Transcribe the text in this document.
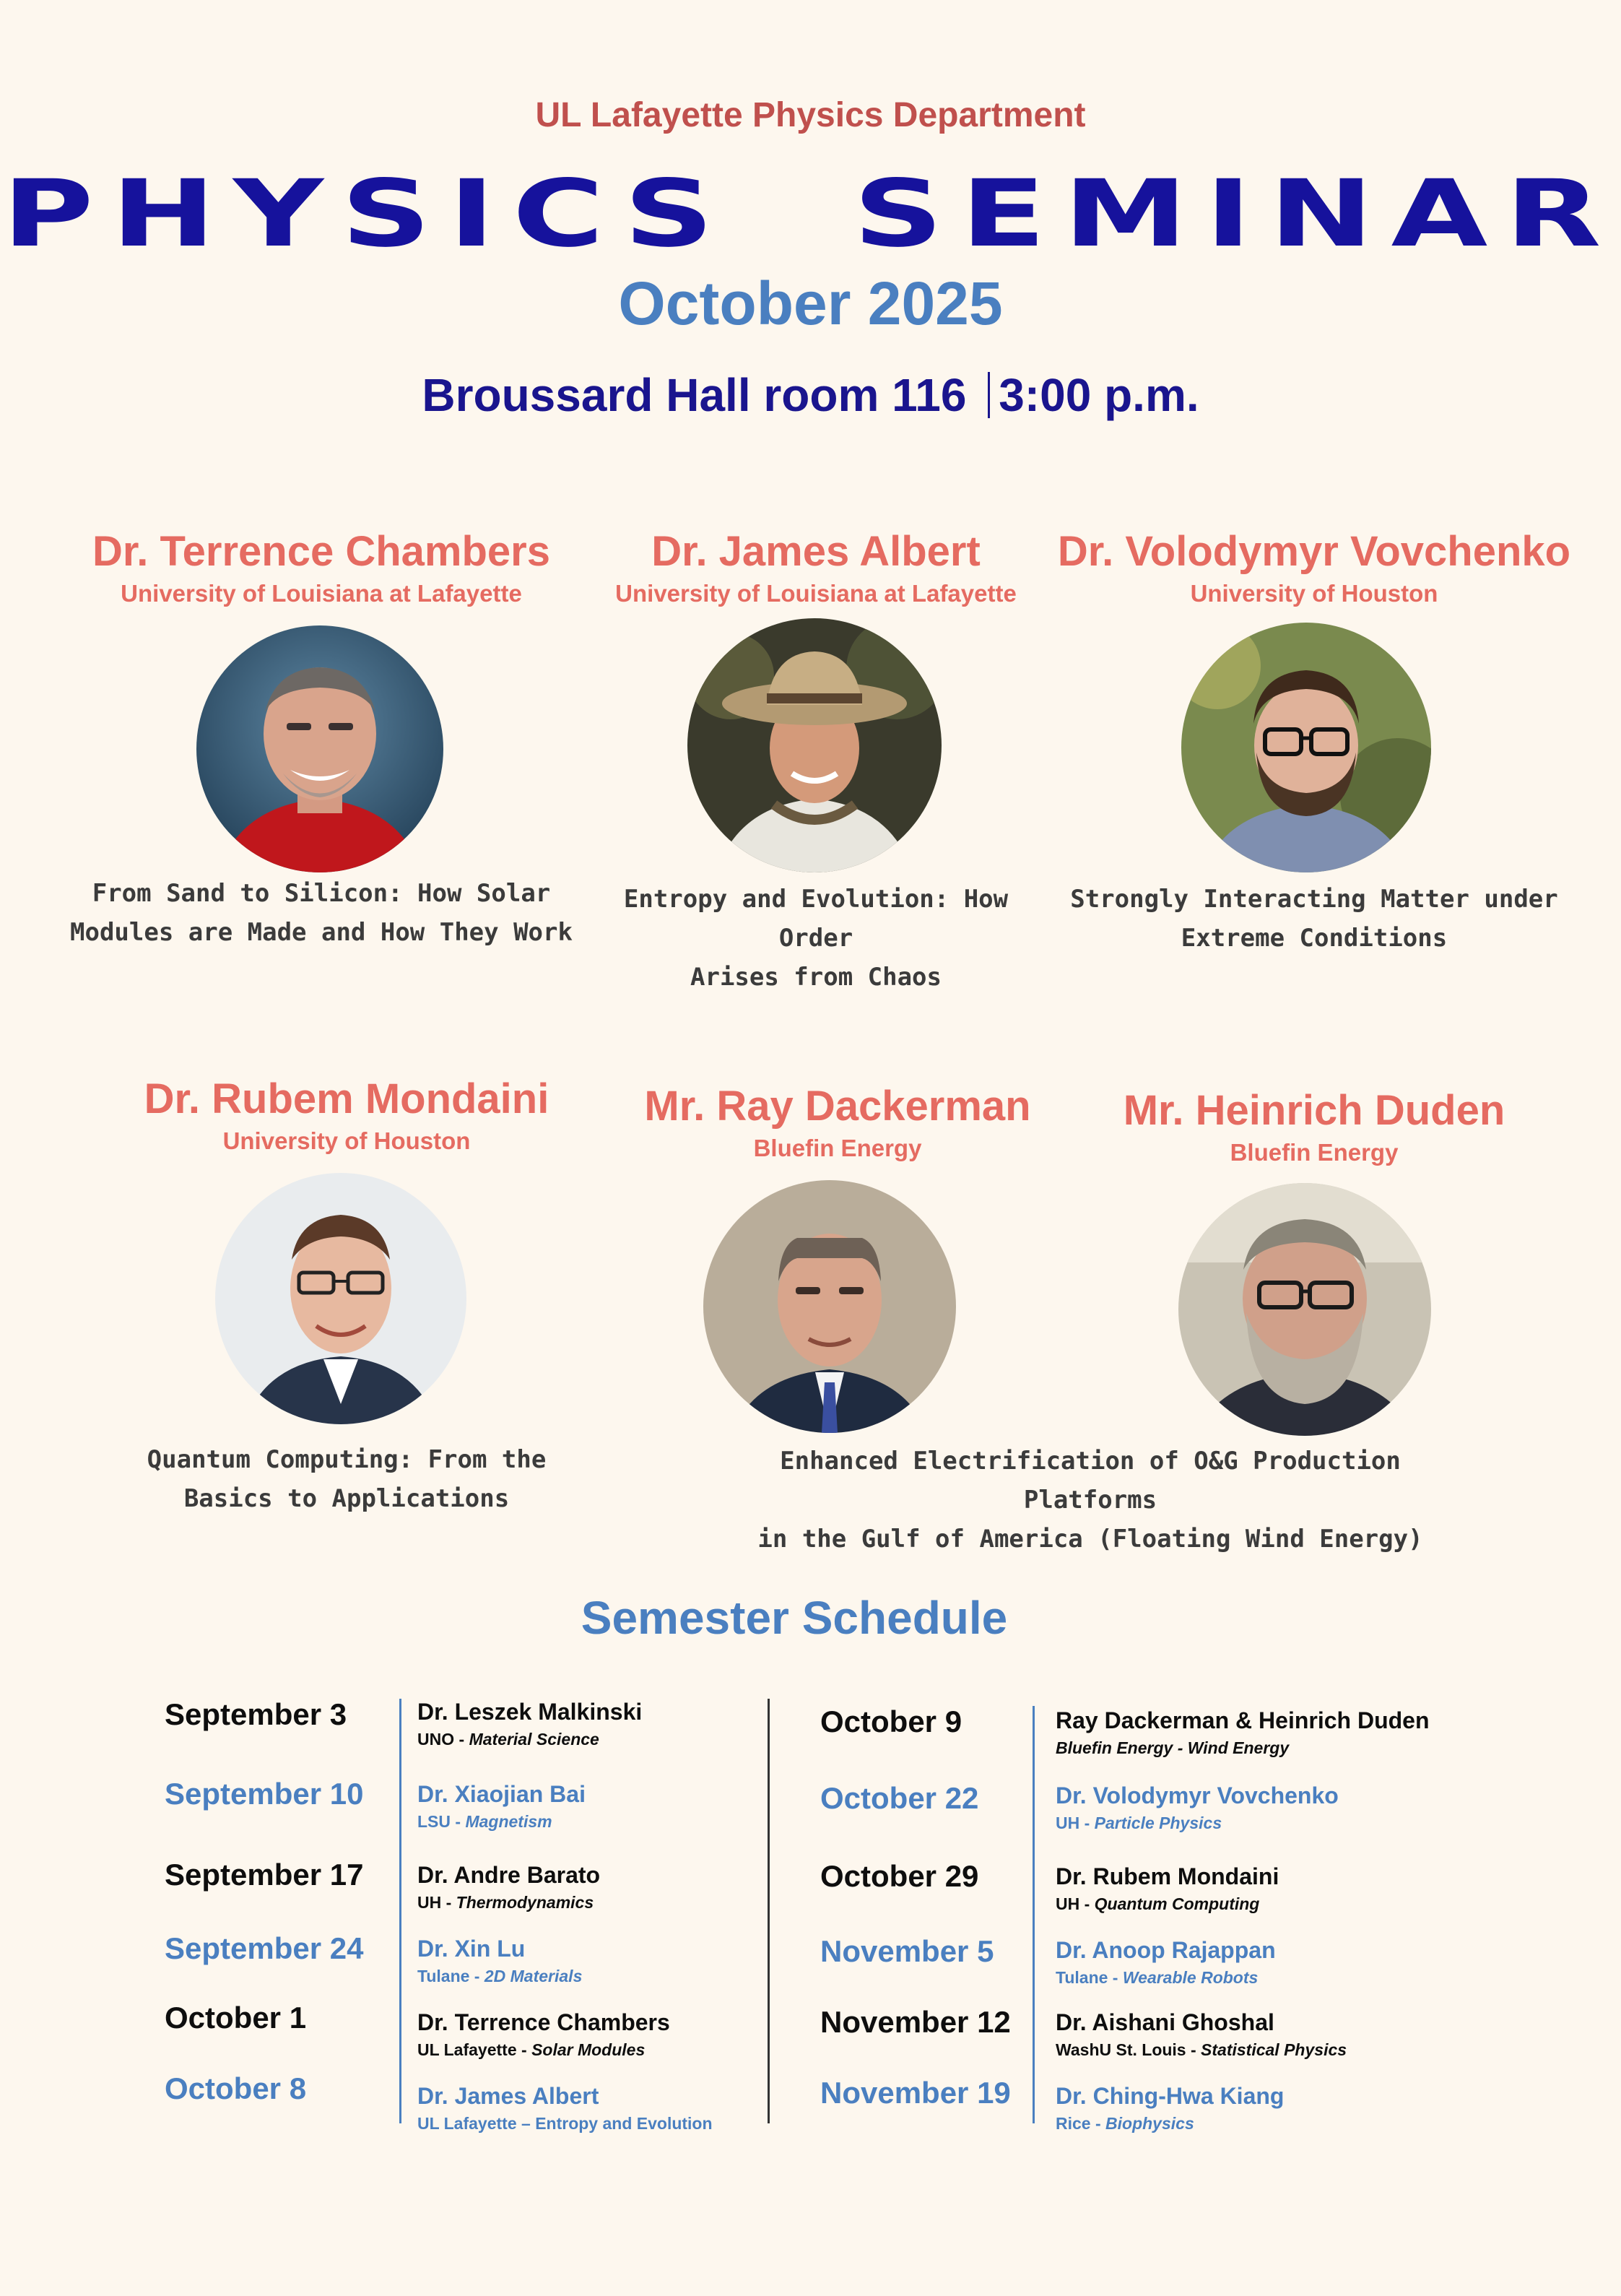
UL Lafayette Physics Department
PHYSICS  SEMINAR
October 2025
Broussard Hall room 116 3:00 p.m.
Dr. Terrence Chambers
University of Louisiana at Lafayette
From Sand to Silicon: How Solar
Modules are Made and How They Work
Dr. James Albert
University of Louisiana at Lafayette
Entropy and Evolution: How Order
Arises from Chaos
Dr. Volodymyr Vovchenko
University of Houston
Strongly Interacting Matter under
Extreme Conditions
Dr. Rubem Mondaini
University of Houston
Quantum Computing: From the
Basics to Applications
Mr. Ray Dackerman
Bluefin Energy
Mr. Heinrich Duden
Bluefin Energy
Enhanced Electrification of O&G Production Platforms
in the Gulf of America (Floating Wind Energy)
Semester Schedule
September 3	Dr. Leszek Malkinski
UNO - Material Science
September 10 Dr. Xiaojian Bai
LSU - Magnetism
September 17 Dr. Andre Barato
UH - Thermodynamics
September 24 Dr. Xin Lu
Tulane - 2D Materials
October 1	Dr. Terrence Chambers
UL Lafayette - Solar Modules
October 8	Dr. James Albert
UL Lafayette – Entropy and Evolution
October 9	Ray Dackerman & Heinrich Duden
Bluefin Energy - Wind Energy
October 22	Dr. Volodymyr Vovchenko
UH - Particle Physics
October 29	Dr. Rubem Mondaini
UH - Quantum Computing
November 5	Dr. Anoop Rajappan
Tulane - Wearable Robots
November 12 Dr. Aishani Ghoshal
WashU St. Louis - Statistical Physics
November 19 Dr. Ching-Hwa Kiang
Rice - Biophysics
